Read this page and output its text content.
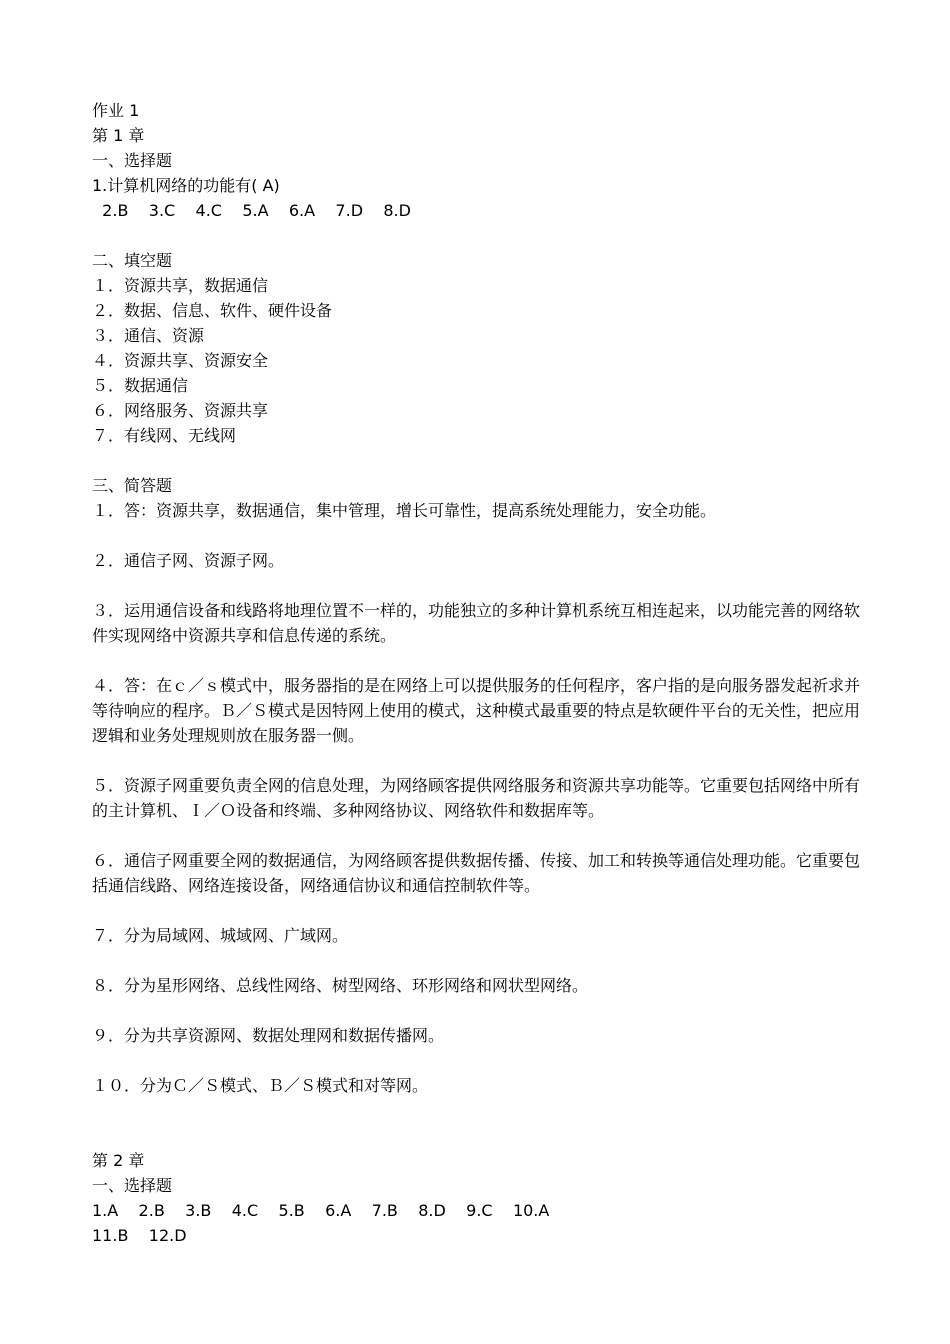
作业 1
第 1 章
一、选择题
1.计算机网络的功能有( A)
2.B    3.C    4.C    5.A    6.A    7.D    8.D
二、填空题
１．资源共享，数据通信
２．数据、信息、软件、硬件设备
３．通信、资源
４．资源共享、资源安全
５．数据通信
６．网络服务、资源共享
７．有线网、无线网
三、简答题
１．答：资源共享，数据通信，集中管理，增长可靠性，提高系统处理能力，安全功能。
２．通信子网、资源子网。
３．运用通信设备和线路将地理位置不一样的，功能独立的多种计算机系统互相连起来，以功能完善的网络软件实现网络中资源共享和信息传递的系统。
４．答：在ｃ／ｓ模式中，服务器指的是在网络上可以提供服务的任何程序，客户指的是向服务器发起祈求并等待响应的程序。Ｂ／Ｓ模式是因特网上使用的模式，这种模式最重要的特点是软硬件平台的无关性，把应用逻辑和业务处理规则放在服务器一侧。
５．资源子网重要负责全网的信息处理，为网络顾客提供网络服务和资源共享功能等。它重要包括网络中所有的主计算机、Ｉ／Ｏ设备和终端、多种网络协议、网络软件和数据库等。
６．通信子网重要全网的数据通信，为网络顾客提供数据传播、传接、加工和转换等通信处理功能。它重要包括通信线路、网络连接设备，网络通信协议和通信控制软件等。
７．分为局域网、城域网、广域网。
８．分为星形网络、总线性网络、树型网络、环形网络和网状型网络。
９．分为共享资源网、数据处理网和数据传播网。
１０．分为Ｃ／Ｓ模式、Ｂ／Ｓ模式和对等网。
第 2 章
一、选择题
1.A    2.B    3.B    4.C    5.B    6.A    7.B    8.D    9.C    10.A
11.B    12.D
